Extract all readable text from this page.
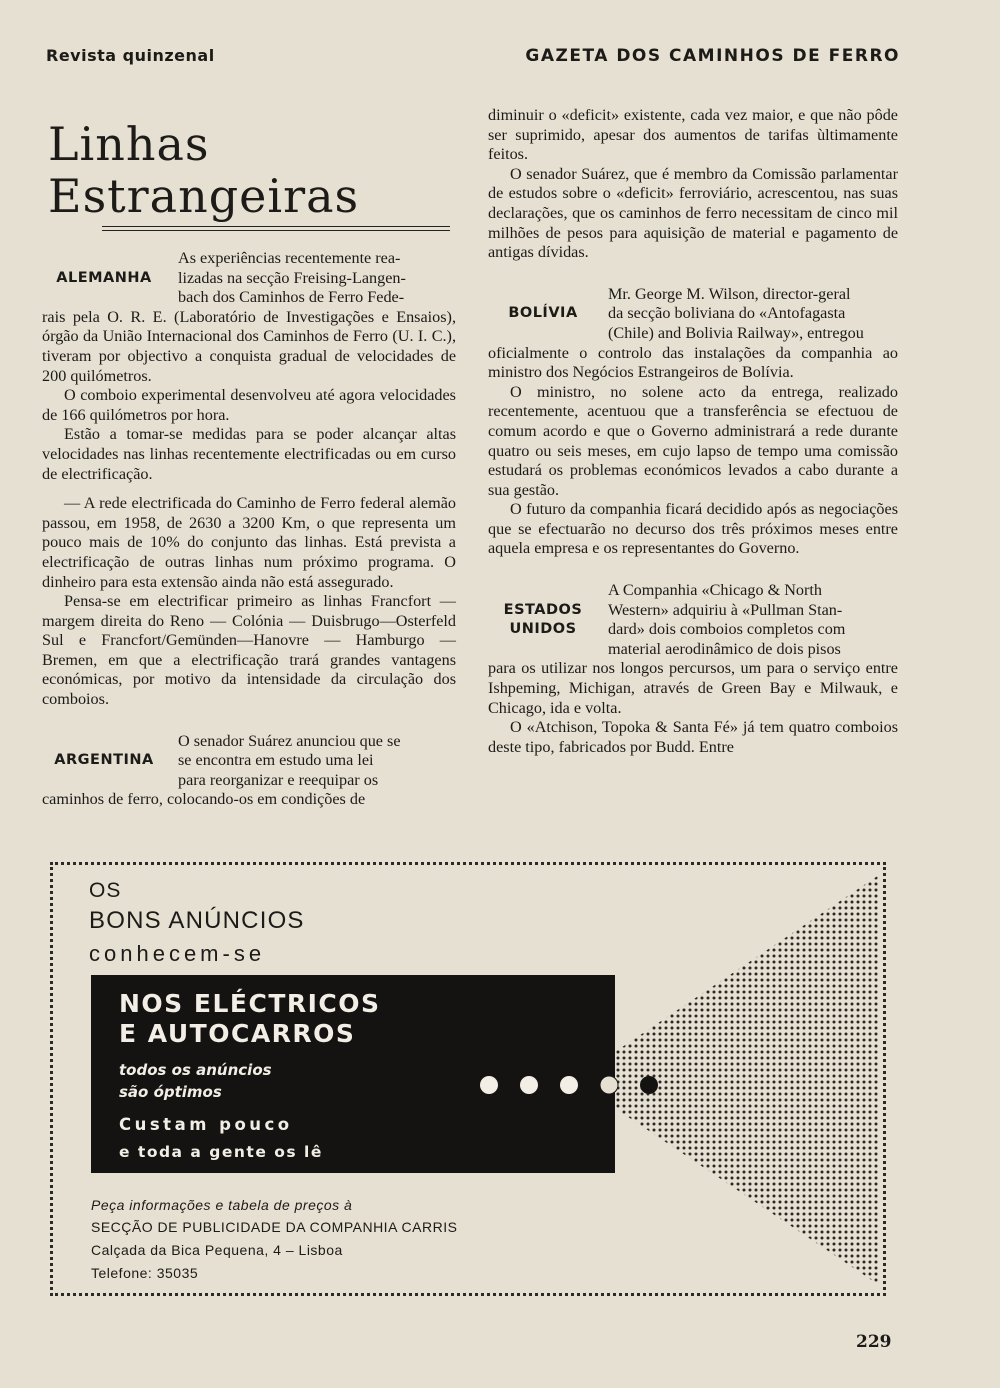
Revista quinzenal	GAZETA DOS CAMINHOS DE FERRO
Linhas Estrangeiras
ALEMANHA

As experiências recentemente rea-

lizadas na secção Freising-Langen-

bach dos Caminhos de Ferro Fede-

rais pela O. R. E. (Laboratório de Investigações e Ensaios), órgão da União Internacional dos Caminhos de Ferro (U. I. C.), tiveram por objectivo a conquista gradual de velocidades de 200 quilómetros.

O comboio experimental desenvolveu até agora velocidades de 166 quilómetros por hora.

Estão a tomar-se medidas para se poder alcançar altas velocidades nas linhas recentemente electrificadas ou em curso de electrificação.

— A rede electrificada do Caminho de Ferro federal alemão passou, em 1958, de 2630 a 3200 Km, o que representa um pouco mais de 10% do conjunto das linhas. Está prevista a electrificação de outras linhas num próximo programa. O dinheiro para esta extensão ainda não está assegurado.

Pensa-se em electrificar primeiro as linhas Francfort — margem direita do Reno — Colónia — Duisbrugo—Osterfeld Sul e Francfort/Gemünden—Hanovre — Hamburgo — Bremen, em que a electrificação trará grandes vantagens económicas, por motivo da intensidade da circulação dos comboios.

ARGENTINA

O senador Suárez anunciou que se

se encontra em estudo uma lei

para reorganizar e reequipar os

caminhos de ferro, colocando-os em condições de

diminuir o «deficit» existente, cada vez maior, e que não pôde ser suprimido, apesar dos aumentos de tarifas ùltimamente feitos.

O senador Suárez, que é membro da Comissão parlamentar de estudos sobre o «deficit» ferroviário, acrescentou, nas suas declarações, que os caminhos de ferro necessitam de cinco mil milhões de pesos para aquisição de material e pagamento de antigas dívidas.

BOLÍVIA

Mr. George M. Wilson, director-geral

da secção boliviana do «Antofagasta

(Chile) and Bolivia Railway», entregou

oficialmente o controlo das instalações da companhia ao ministro dos Negócios Estrangeiros de Bolívia.

O ministro, no solene acto da entrega, realizado recentemente, acentuou que a transferência se efectuou de comum acordo e que o Governo administrará a rede durante quatro ou seis meses, em cujo lapso de tempo uma comissão estudará os problemas económicos levados a cabo durante a sua gestão.

O futuro da companhia ficará decidido após as negociações que se efectuarão no decurso dos três próximos meses entre aquela empresa e os representantes do Governo.

ESTADOS
UNIDOS

A Companhia «Chicago & North

Western» adquiriu à «Pullman Stan-

dard» dois comboios completos com

material aerodinâmico de dois pisos

para os utilizar nos longos percursos, um para o serviço entre Ishpeming, Michigan, através de Green Bay e Milwauk, e Chicago, ida e volta.

O «Atchison, Topoka & Santa Fé» já tem quatro comboios deste tipo, fabricados por Budd. Entre

OS
BONS ANÚNCIOS
conhecem-se
NOS ELÉCTRICOS
E AUTOCARROS
todos os anúncios
são óptimos
Custam pouco
e toda a gente os lê
Peça informações e tabela de preços à
SECÇÃO DE PUBLICIDADE DA COMPANHIA CARRIS
Calçada da Bica Pequena, 4 – Lisboa
Telefone: 35035
229
